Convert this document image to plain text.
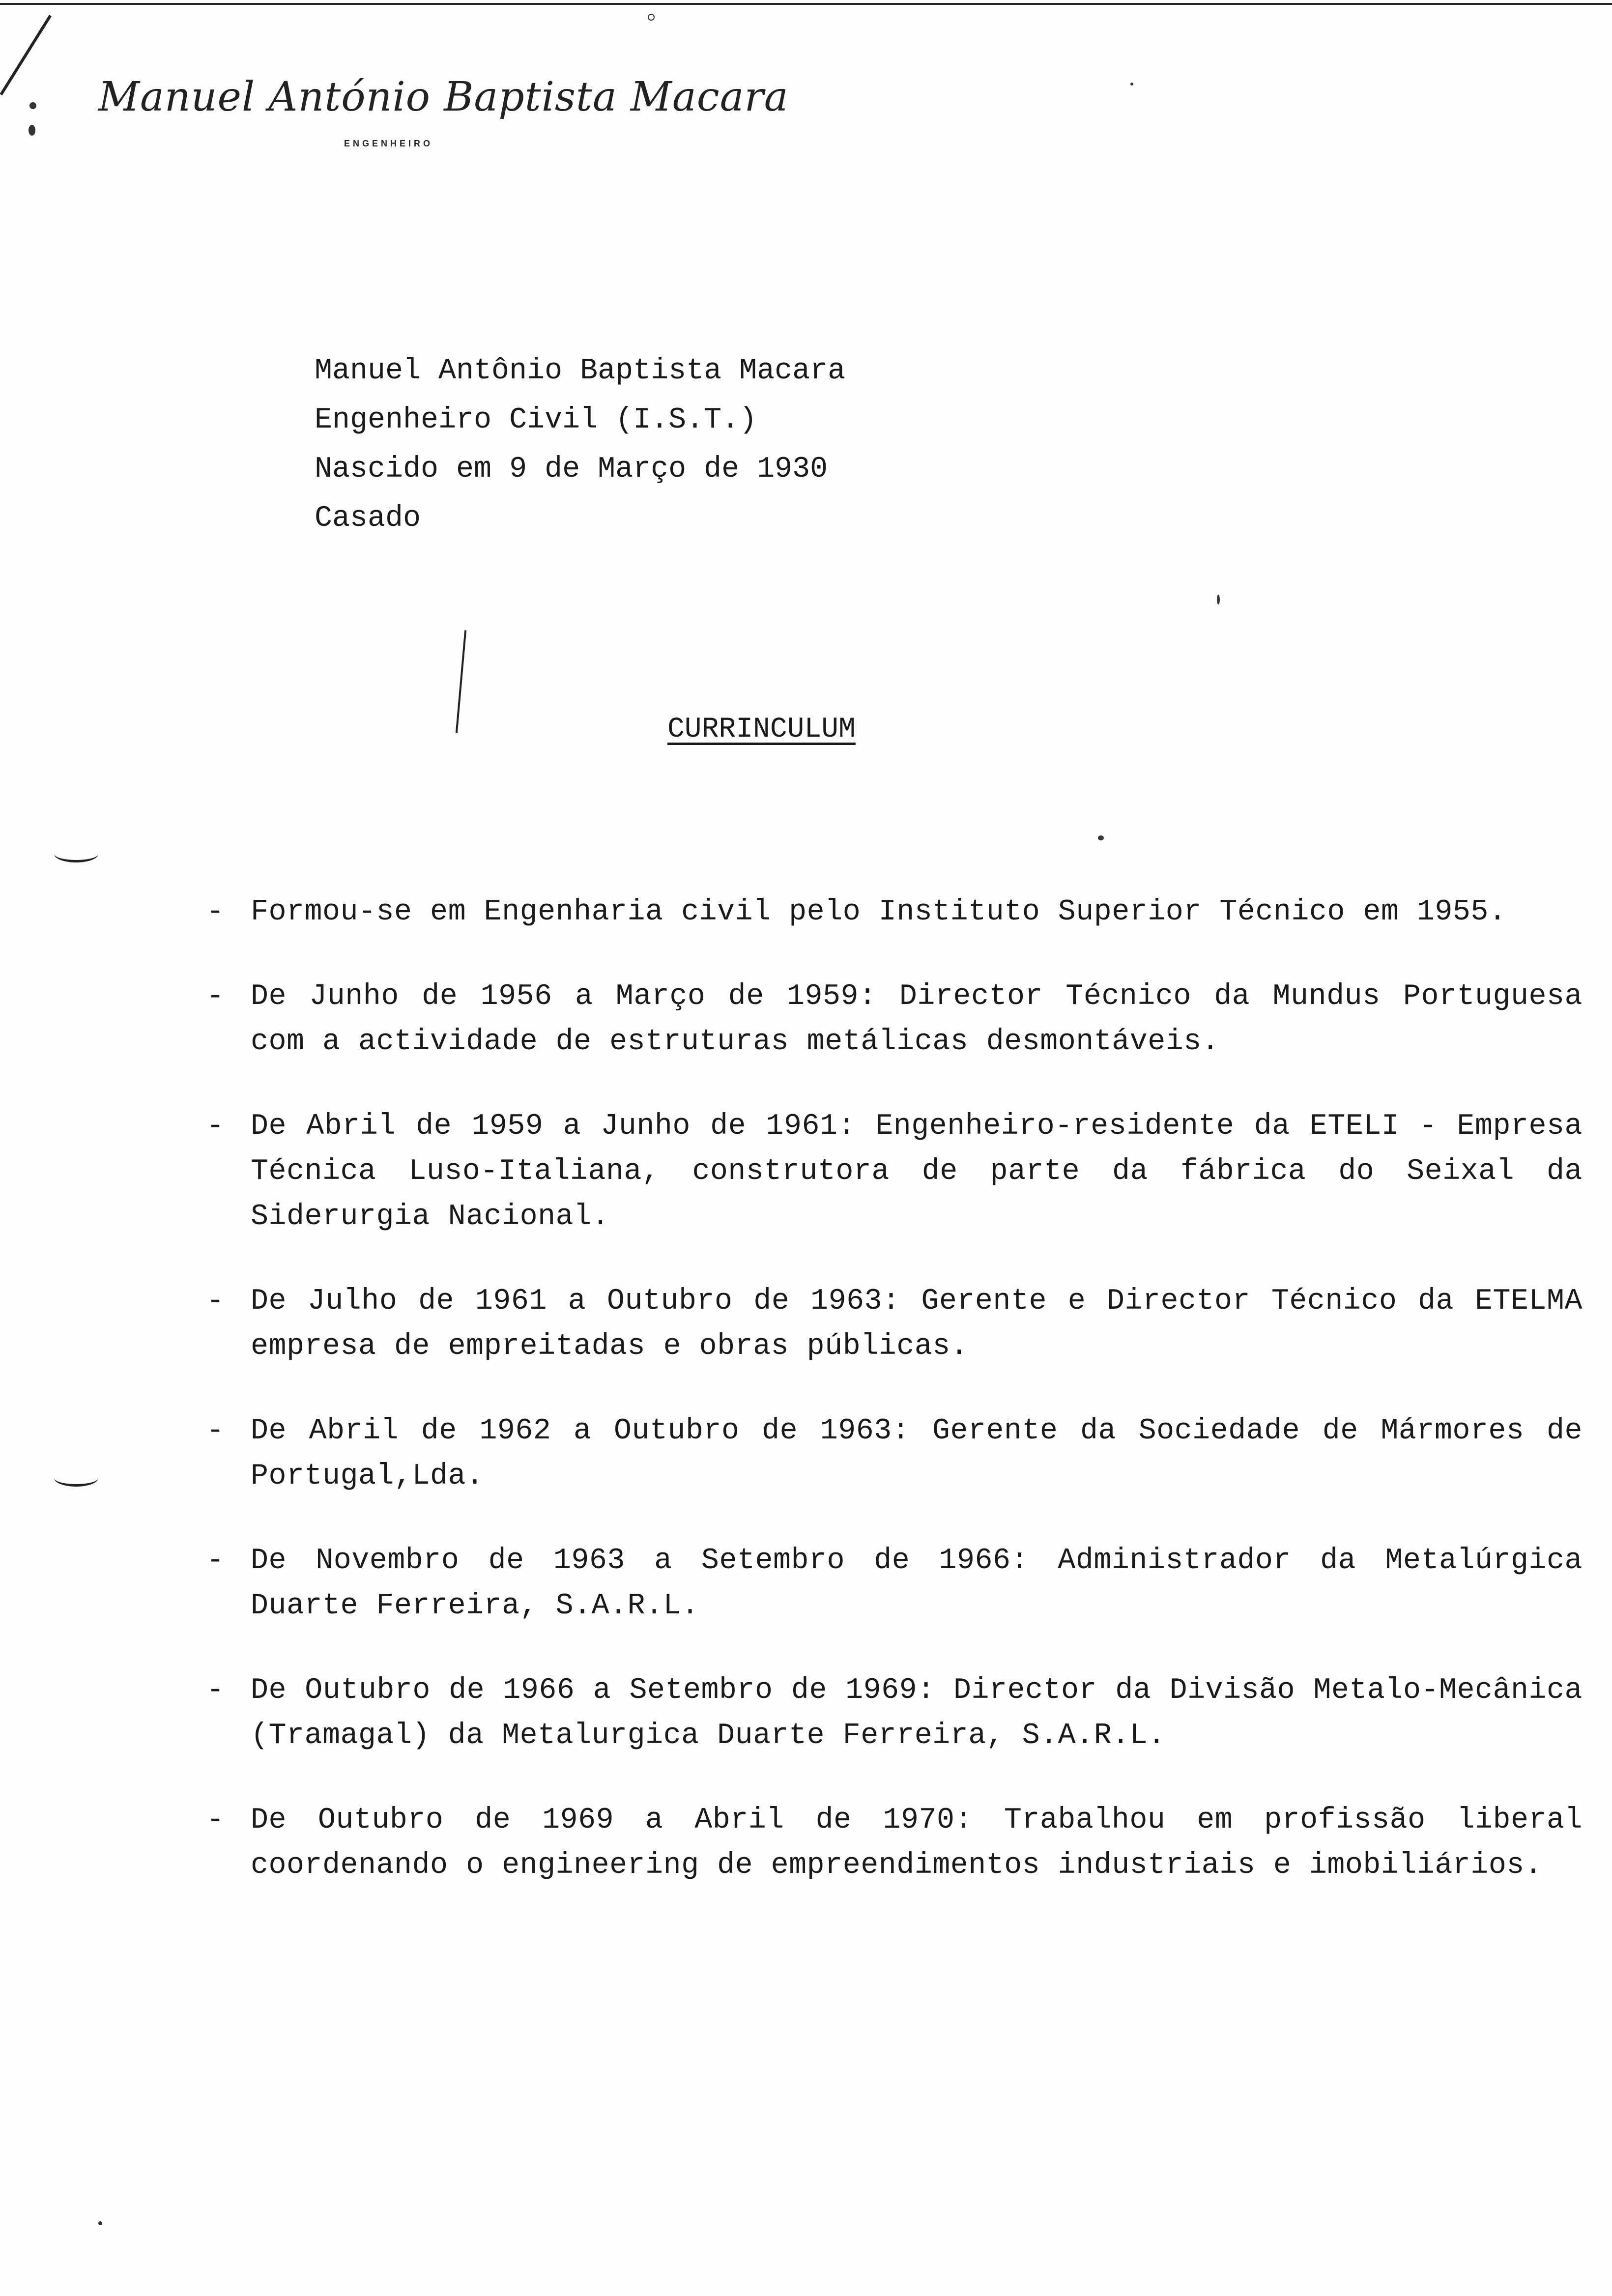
Manuel António Baptista Macara
ENGENHEIRO
Manuel Antônio Baptista Macara
Engenheiro Civil (I.S.T.)
Nascido em 9 de Março de 1930
Casado
CURRINCULUM
- Formou-se em Engenharia civil pelo Instituto Superior Técnico em 1955.
- De Junho de 1956 a Março de 1959: Director Técnico da Mundus Portuguesa com a actividade de estruturas metálicas desmontáveis.
- De Abril de 1959 a Junho de 1961: Engenheiro-residente da ETELI - Empresa Técnica Luso-Italiana, construtora de parte da fábrica do Seixal da Siderurgia Nacional.
- De Julho de 1961 a Outubro de 1963: Gerente e Director Técnico da ETELMA empresa de empreitadas e obras públicas.
- De Abril de 1962 a Outubro de 1963: Gerente da Sociedade de Mármores de Portugal,Lda.
- De Novembro de 1963 a Setembro de 1966: Administrador da Metalúrgica Duarte Ferreira, S.A.R.L.
- De Outubro de 1966 a Setembro de 1969: Director da Divisão Metalo-Mecânica (Tramagal) da Metalurgica Duarte Ferreira, S.A.R.L.
- De Outubro de 1969 a Abril de 1970: Trabalhou em profissão liberal coordenando o engineering de empreendimentos industriais e imobiliários.
